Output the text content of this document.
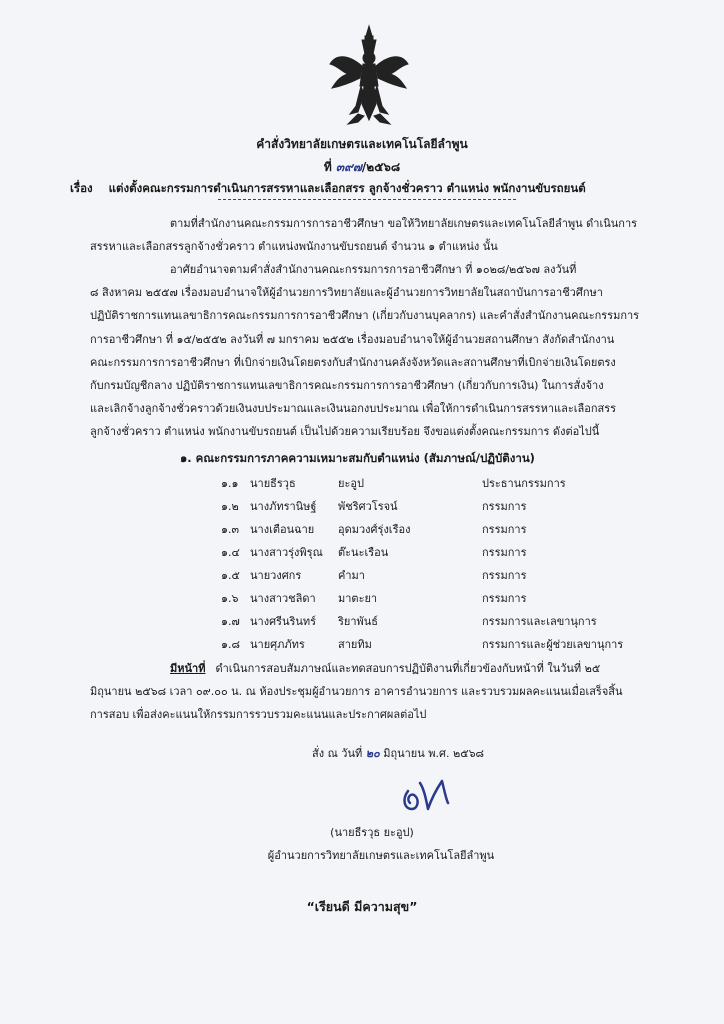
คำสั่งวิทยาลัยเกษตรและเทคโนโลยีลำพูน
ที่ ๓๙๗/๒๕๖๘
เรื่อง แต่งตั้งคณะกรรมการดำเนินการสรรหาและเลือกสรร ลูกจ้างชั่วคราว ตำแหน่ง พนักงานขับรถยนต์
ตามที่สำนักงานคณะกรรมการการอาชีวศึกษา ขอให้วิทยาลัยเกษตรและเทคโนโลยีลำพูน ดำเนินการ
สรรหาและเลือกสรรลูกจ้างชั่วคราว ตำแหน่งพนักงานขับรถยนต์ จำนวน ๑ ตำแหน่ง นั้น
อาศัยอำนาจตามคำสั่งสำนักงานคณะกรรมการการอาชีวศึกษา ที่ ๑๐๒๘/๒๕๖๗ ลงวันที่
๘ สิงหาคม ๒๕๕๗ เรื่องมอบอำนาจให้ผู้อำนวยการวิทยาลัยและผู้อำนวยการวิทยาลัยในสถาบันการอาชีวศึกษา
ปฏิบัติราชการแทนเลขาธิการคณะกรรมการการอาชีวศึกษา (เกี่ยวกับงานบุคลากร) และคำสั่งสำนักงานคณะกรรมการ
การอาชีวศึกษา ที่ ๑๕/๒๕๕๒ ลงวันที่ ๗ มกราคม ๒๕๕๒ เรื่องมอบอำนาจให้ผู้อำนวยสถานศึกษา สังกัดสำนักงาน
คณะกรรมการการอาชีวศึกษา ที่เบิกจ่ายเงินโดยตรงกับสำนักงานคลังจังหวัดและสถานศึกษาที่เบิกจ่ายเงินโดยตรง
กับกรมบัญชีกลาง ปฏิบัติราชการแทนเลขาธิการคณะกรรมการการอาชีวศึกษา (เกี่ยวกับการเงิน) ในการสั่งจ้าง
และเลิกจ้างลูกจ้างชั่วคราวด้วยเงินงบประมาณและเงินนอกงบประมาณ เพื่อให้การดำเนินการสรรหาและเลือกสรร
ลูกจ้างชั่วคราว ตำแหน่ง พนักงานขับรถยนต์ เป็นไปด้วยความเรียบร้อย จึงขอแต่งตั้งคณะกรรมการ ดังต่อไปนี้
๑. คณะกรรมการภาคความเหมาะสมกับตำแหน่ง (สัมภาษณ์/ปฏิบัติงาน)
๑.๑ นายธีรวุธ	ยะอูป	ประธานกรรมการ
๑.๒ นางภัทรานิษฐ์ พัชริศวโรจน์	กรรมการ
๑.๓ นางเตือนฉาย อุดมวงศ์รุ่งเรือง	กรรมการ
๑.๔ นางสาวรุ่งพิรุณ ต๊ะนะเรือน	กรรมการ
๑.๕ นายวงศกร	คำมา	กรรมการ
๑.๖ นางสาวชลิดา มาตะยา	กรรมการ
๑.๗ นางศรีนรินทร์ ริยาพันธ์	กรรมการและเลขานุการ
๑.๘ นายศุภภัทร	สายทิม	กรรมการและผู้ช่วยเลขานุการ
มีหน้าที่ ดำเนินการสอบสัมภาษณ์และทดสอบการปฏิบัติงานที่เกี่ยวข้องกับหน้าที่ ในวันที่ ๒๕
มิถุนายน ๒๕๖๘ เวลา ๐๙.๐๐ น. ณ ห้องประชุมผู้อำนวยการ อาคารอำนวยการ และรวบรวมผลคะแนนเมื่อเสร็จสิ้น
การสอบ เพื่อส่งคะแนนให้กรรมการรวบรวมคะแนนและประกาศผลต่อไป
สั่ง ณ วันที่ ๒๐ มิถุนายน พ.ศ. ๒๕๖๘
(นายธีรวุธ ยะอูป)
ผู้อำนวยการวิทยาลัยเกษตรและเทคโนโลยีลำพูน
“เรียนดี มีความสุข”
